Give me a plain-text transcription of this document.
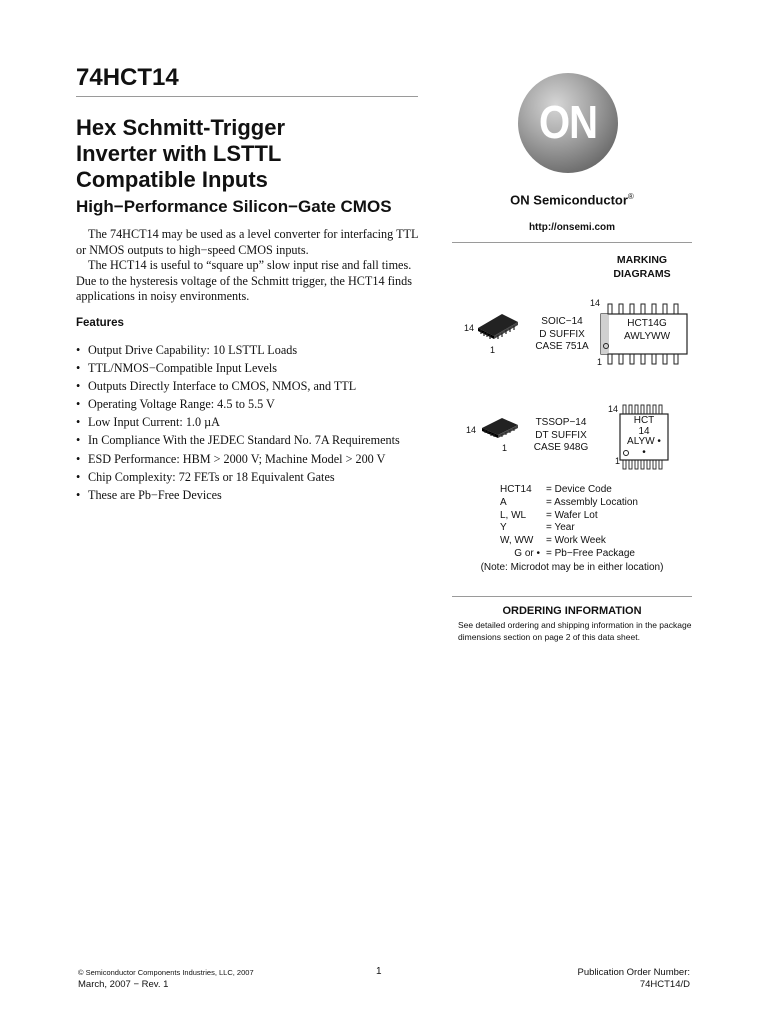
74HCT14
Hex Schmitt-Trigger
Inverter with LSTTL
Compatible Inputs
High−Performance Silicon−Gate CMOS

The 74HCT14 may be used as a level converter for interfacing TTL or NMOS outputs to high−speed CMOS inputs.

The HCT14 is useful to “square up” slow input rise and fall times. Due to the hysteresis voltage of the Schmitt trigger, the HCT14 finds applications in noisy environments.

Features
• Output Drive Capability: 10 LSTTL Loads
• TTL/NMOS−Compatible Input Levels
• Outputs Directly Interface to CMOS, NMOS, and TTL
• Operating Voltage Range: 4.5 to 5.5 V
• Low Input Current: 1.0 µA
• In Compliance With the JEDEC Standard No. 7A Requirements
• ESD Performance: HBM > 2000 V; Machine Model > 200 V
• Chip Complexity: 72 FETs or 18 Equivalent Gates
• These are Pb−Free Devices
ON
ON Semiconductor®
http://onsemi.com
MARKING
DIAGRAMS
14
1
SOIC−14
D SUFFIX
CASE 751A
14
1
HCT14G
AWLYWW
14
1
TSSOP−14
DT SUFFIX
CASE 948G
14
1
HCT
14
ALYW •
•
HCT14	= Device Code
A	= Assembly Location
L, WL	= Wafer Lot
Y	= Year
W, WW	= Work Week
G or • = Pb−Free Package
(Note: Microdot may be in either location)
ORDERING INFORMATION
See detailed ordering and shipping information in the package dimensions section on page 2 of this data sheet.
© Semiconductor Components Industries, LLC, 2007
March, 2007 − Rev. 1
1	Publication Order Number:
74HCT14/D
